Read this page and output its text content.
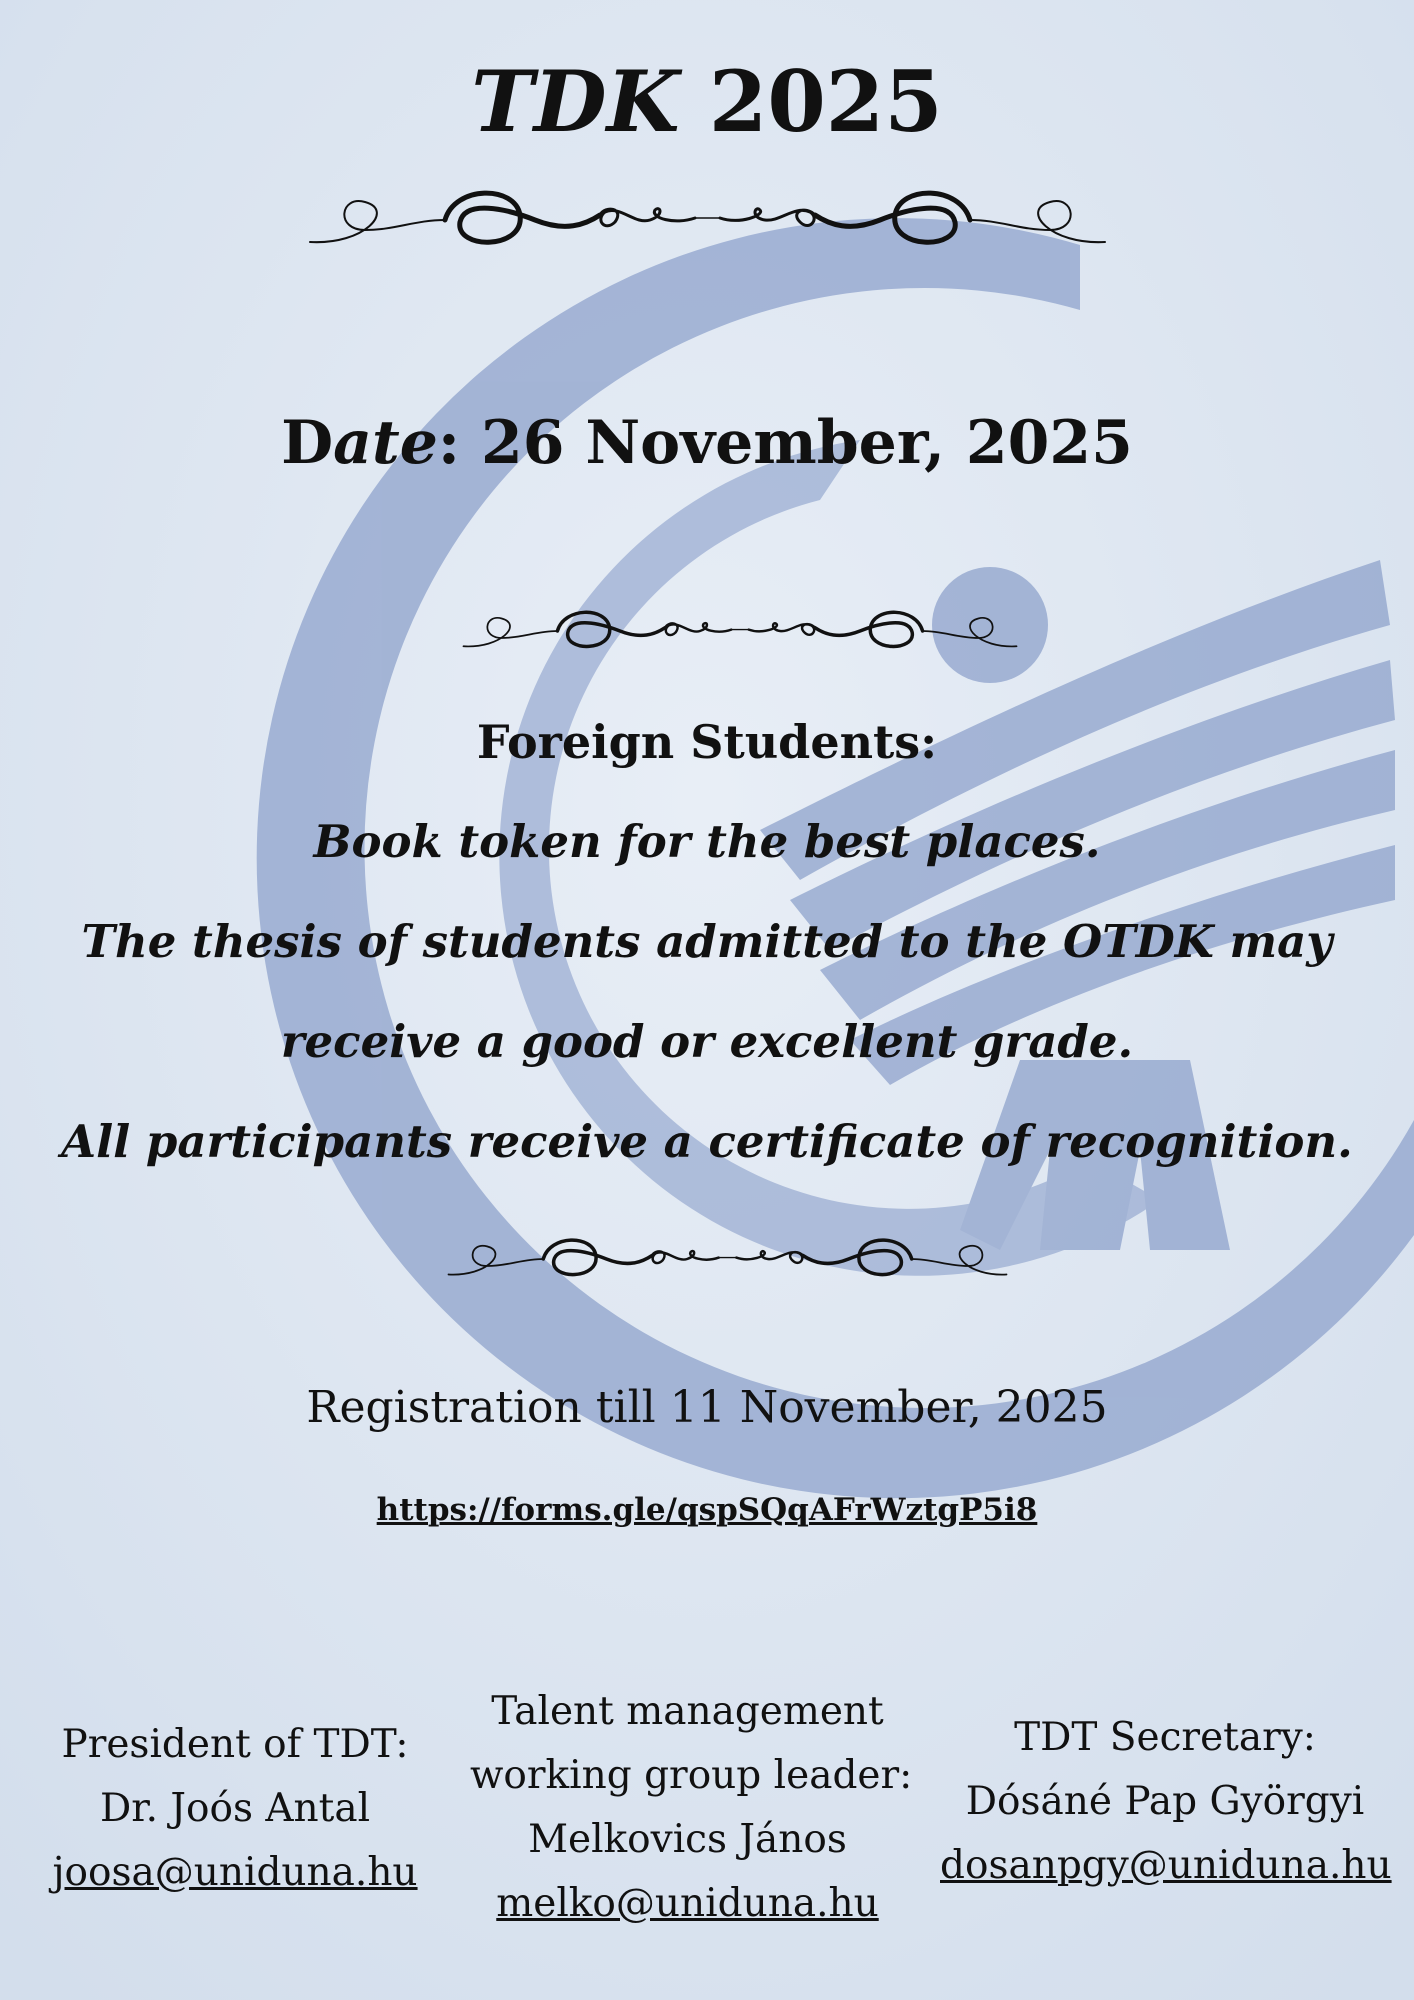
TDK 2025
Date: 26 November, 2025
Foreign Students:
Book token for the best places.
The thesis of students admitted to the OTDK may
receive a good or excellent grade.
All participants receive a certificate of recognition.
Registration till 11 November, 2025
https://forms.gle/qspSQqAFrWztgP5i8
President of TDT:
Dr. Joós Antal
joosa@uniduna.hu
Talent management
working group leader:
Melkovics János
melko@uniduna.hu
TDT Secretary:
Dósáné Pap Györgyi
dosanpgy@uniduna.hu
